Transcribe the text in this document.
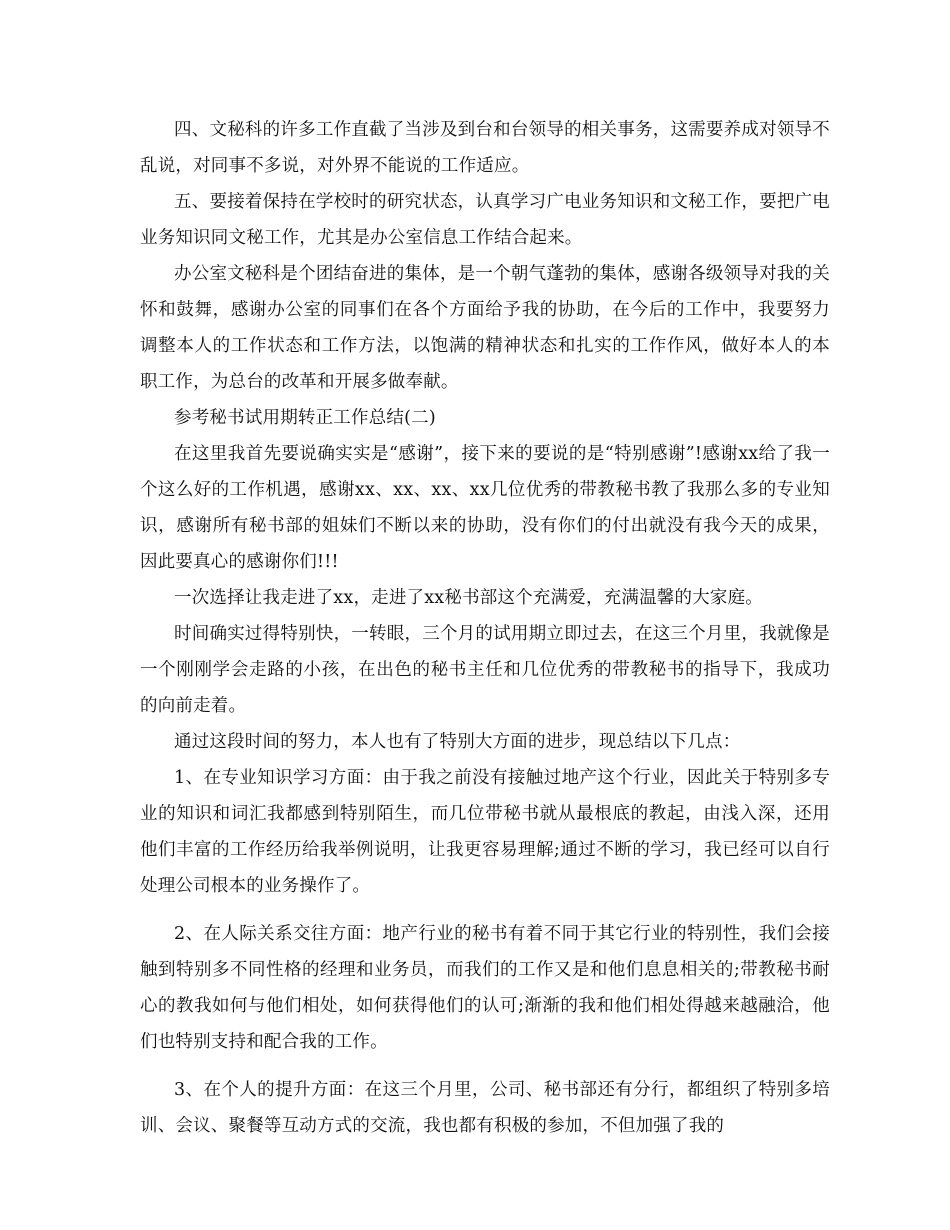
四、文秘科的许多工作直截了当涉及到台和台领导的相关事务，这需要养成对领导不乱说，对同事不多说，对外界不能说的工作适应。

五、要接着保持在学校时的研究状态，认真学习广电业务知识和文秘工作，要把广电业务知识同文秘工作，尤其是办公室信息工作结合起来。

办公室文秘科是个团结奋进的集体，是一个朝气蓬勃的集体，感谢各级领导对我的关怀和鼓舞，感谢办公室的同事们在各个方面给予我的协助，在今后的工作中，我要努力调整本人的工作状态和工作方法，以饱满的精神状态和扎实的工作作风，做好本人的本职工作，为总台的改革和开展多做奉献。

参考秘书试用期转正工作总结(二)

在这里我首先要说确实实是“感谢”，接下来的要说的是“特别感谢”!感谢xx给了我一个这么好的工作机遇，感谢xx、xx、xx、xx几位优秀的带教秘书教了我那么多的专业知识，感谢所有秘书部的姐妹们不断以来的协助，没有你们的付出就没有我今天的成果，因此要真心的感谢你们!!!

一次选择让我走进了xx，走进了xx秘书部这个充满爱，充满温馨的大家庭。

时间确实过得特别快，一转眼，三个月的试用期立即过去，在这三个月里，我就像是一个刚刚学会走路的小孩，在出色的秘书主任和几位优秀的带教秘书的指导下，我成功的向前走着。

通过这段时间的努力，本人也有了特别大方面的进步，现总结以下几点：

1、在专业知识学习方面：由于我之前没有接触过地产这个行业，因此关于特别多专业的知识和词汇我都感到特别陌生，而几位带秘书就从最根底的教起，由浅入深，还用他们丰富的工作经历给我举例说明，让我更容易理解;通过不断的学习，我已经可以自行处理公司根本的业务操作了。

2、在人际关系交往方面：地产行业的秘书有着不同于其它行业的特别性，我们会接触到特别多不同性格的经理和业务员，而我们的工作又是和他们息息相关的;带教秘书耐心的教我如何与他们相处，如何获得他们的认可;渐渐的我和他们相处得越来越融洽，他们也特别支持和配合我的工作。

3、在个人的提升方面：在这三个月里，公司、秘书部还有分行，都组织了特别多培训、会议、聚餐等互动方式的交流，我也都有积极的参加，不但加强了我的
